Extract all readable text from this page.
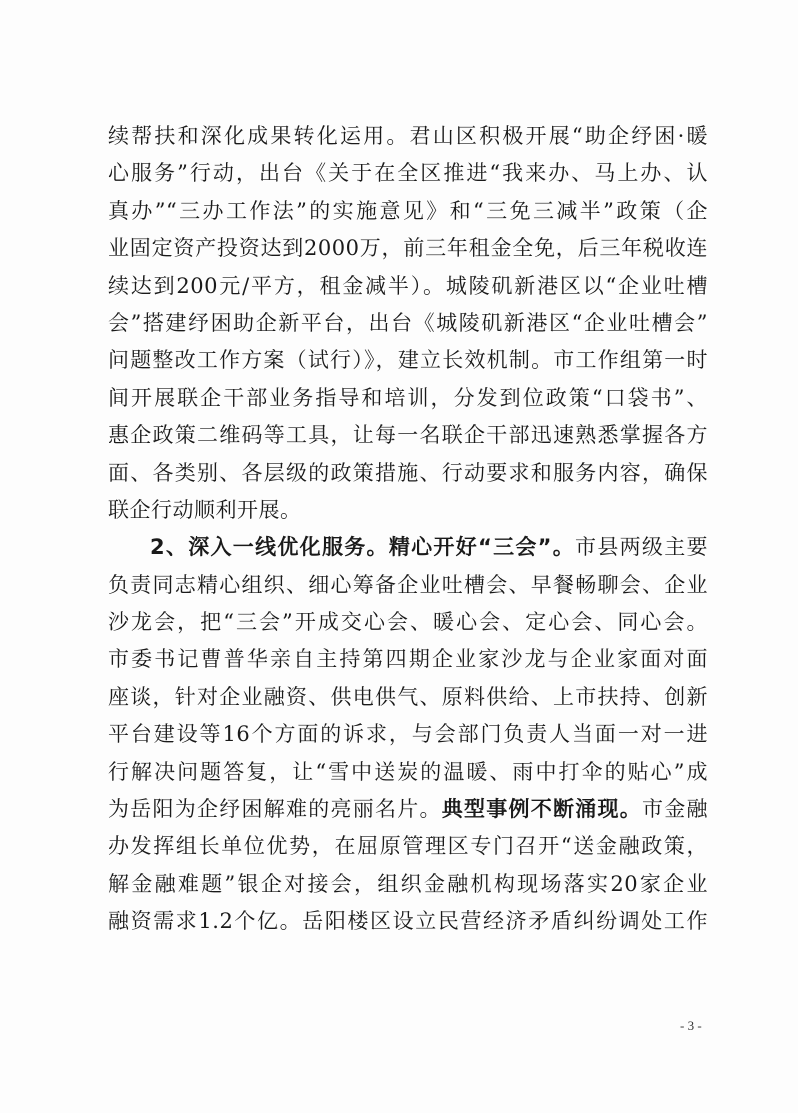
续帮扶和深化成果转化运用。君山区积极开展“助企纾困·暖
心服务”行动，出台《关于在全区推进“我来办、马上办、认
真办”“三办工作法”的实施意见》和“三免三减半”政策（企
业固定资产投资达到2000万，前三年租金全免，后三年税收连
续达到200元/平方，租金减半）。城陵矶新港区以“企业吐槽
会”搭建纾困助企新平台，出台《城陵矶新港区“企业吐槽会”
问题整改工作方案（试行）》，建立长效机制。市工作组第一时
间开展联企干部业务指导和培训，分发到位政策“口袋书”、
惠企政策二维码等工具，让每一名联企干部迅速熟悉掌握各方
面、各类别、各层级的政策措施、行动要求和服务内容，确保
联企行动顺利开展。
2、深入一线优化服务。精心开好“三会”。市县两级主要
负责同志精心组织、细心筹备企业吐槽会、早餐畅聊会、企业
沙龙会，把“三会”开成交心会、暖心会、定心会、同心会。
市委书记曹普华亲自主持第四期企业家沙龙与企业家面对面
座谈，针对企业融资、供电供气、原料供给、上市扶持、创新
平台建设等16个方面的诉求，与会部门负责人当面一对一进
行解决问题答复，让“雪中送炭的温暖、雨中打伞的贴心”成
为岳阳为企纾困解难的亮丽名片。典型事例不断涌现。市金融
办发挥组长单位优势，在屈原管理区专门召开“送金融政策，
解金融难题”银企对接会，组织金融机构现场落实20家企业
融资需求1.2个亿。岳阳楼区设立民营经济矛盾纠纷调处工作
- 3 -
